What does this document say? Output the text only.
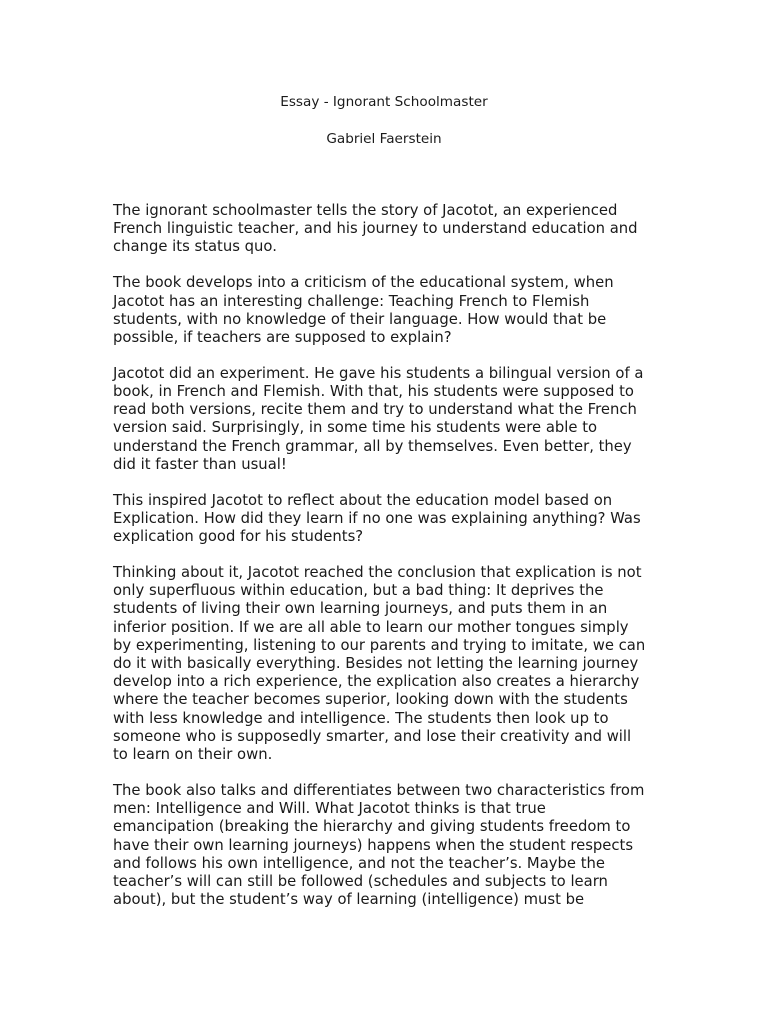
Essay - Ignorant Schoolmaster
Gabriel Faerstein

The ignorant schoolmaster tells the story of Jacotot, an experienced
French linguistic teacher, and his journey to understand education and
change its status quo.

The book develops into a criticism of the educational system, when
Jacotot has an interesting challenge: Teaching French to Flemish
students, with no knowledge of their language. How would that be
possible, if teachers are supposed to explain?

Jacotot did an experiment. He gave his students a bilingual version of a
book, in French and Flemish. With that, his students were supposed to
read both versions, recite them and try to understand what the French
version said. Surprisingly, in some time his students were able to
understand the French grammar, all by themselves. Even better, they
did it faster than usual!

This inspired Jacotot to reflect about the education model based on
Explication. How did they learn if no one was explaining anything? Was
explication good for his students?

Thinking about it, Jacotot reached the conclusion that explication is not
only superfluous within education, but a bad thing: It deprives the
students of living their own learning journeys, and puts them in an
inferior position. If we are all able to learn our mother tongues simply
by experimenting, listening to our parents and trying to imitate, we can
do it with basically everything. Besides not letting the learning journey
develop into a rich experience, the explication also creates a hierarchy
where the teacher becomes superior, looking down with the students
with less knowledge and intelligence. The students then look up to
someone who is supposedly smarter, and lose their creativity and will
to learn on their own.

The book also talks and differentiates between two characteristics from
men: Intelligence and Will. What Jacotot thinks is that true
emancipation (breaking the hierarchy and giving students freedom to
have their own learning journeys) happens when the student respects
and follows his own intelligence, and not the teacher’s. Maybe the
teacher’s will can still be followed (schedules and subjects to learn
about), but the student’s way of learning (intelligence) must be
